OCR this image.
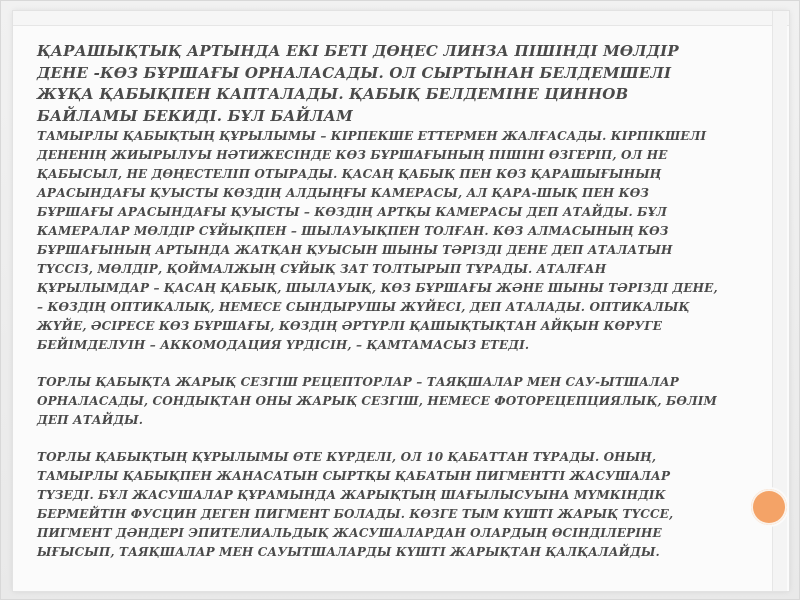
ҚАРАШЫҚТЫҚ АРТЫНДА ЕКІ БЕТІ ДӨҢЕС ЛИНЗА ПІШІНДІ МӨЛДІР ДЕНЕ -КӨЗ БҰРШАҒЫ ОРНАЛАСАДЫ. ОЛ СЫРТЫНАН БЕЛДЕМШЕЛІ ЖҰҚА ҚАБЫҚПЕН КАПТАЛАДЫ. ҚАБЫҚ БЕЛДЕМІНЕ ЦИННОВ БАЙЛАМЫ БЕКИДІ. БҰЛ БАЙЛАМ

ТАМЫРЛЫ ҚАБЫҚТЫҢ ҚҰРЫЛЫМЫ – КІРПЕКШЕ ЕТТЕРМЕН ЖАЛҒАСАДЫ. КІРПІКШЕЛІ ДЕНЕНІҢ ЖИЫРЫЛУЫ НӘТИЖЕСІНДЕ КӨЗ БҰРШАҒЫНЫҢ ПІШІНІ ӨЗГЕРІП, ОЛ НЕ ҚАБЫСЫЛ, НЕ ДӨҢЕСТЕЛІП ОТЫРАДЫ. ҚАСАҢ ҚАБЫҚ ПЕН КӨЗ ҚАРАШЫҒЫНЫҢ АРАСЫНДАҒЫ ҚУЫСТЫ КӨЗДІҢ АЛДЫҢҒЫ КАМЕРАСЫ, АЛ ҚАРА-ШЫҚ ПЕН КӨЗ БҰРШАҒЫ АРАСЫНДАҒЫ ҚУЫСТЫ – КӨЗДІҢ АРТҚЫ КАМЕРАСЫ ДЕП АТАЙДЫ. БҰЛ КАМЕРАЛАР МӨЛДІР СҰЙЫҚПЕН – ШЫЛАУЫҚПЕН ТОЛҒАН. КӨЗ АЛМАСЫНЫҢ КӨЗ БҰРШАҒЫНЫҢ АРТЫНДА ЖАТҚАН ҚУЫСЫН ШЫНЫ ТӘРІЗДІ ДЕНЕ ДЕП АТАЛАТЫН ТҮССІЗ, МӨЛДІР, ҚОЙМАЛЖЫҢ СҰЙЫҚ ЗАТ ТОЛТЫРЫП ТҰРАДЫ. АТАЛҒАН ҚҰРЫЛЫМДАР – ҚАСАҢ ҚАБЫҚ, ШЫЛАУЫҚ, КӨЗ БҰРШАҒЫ ЖӘНЕ ШЫНЫ ТӘРІЗДІ ДЕНЕ, – КӨЗДІҢ ОПТИКАЛЫҚ, НЕМЕСЕ СЫНДЫРУШЫ ЖҮЙЕСІ, ДЕП АТАЛАДЫ. ОПТИКАЛЫҚ ЖҮЙЕ, ӘСІРЕСЕ КӨЗ БҰРШАҒЫ, КӨЗДІҢ ӘРТҮРЛІ ҚАШЫҚТЫҚТАН АЙҚЫН КӨРУГЕ БЕЙІМДЕЛУІН – АККОМОДАЦИЯ ҮРДІСІН, – ҚАМТАМАСЫЗ ЕТЕДІ.

ТОРЛЫ ҚАБЫҚТА ЖАРЫҚ СЕЗГІШ РЕЦЕПТОРЛАР – ТАЯҚШАЛАР МЕН САУ-ЫТШАЛАР ОРНАЛАСАДЫ, СОНДЫҚТАН ОНЫ ЖАРЫҚ СЕЗГІШ, НЕМЕСЕ ФОТОРЕЦЕПЦИЯЛЫҚ, БӨЛІМ ДЕП АТАЙДЫ.

ТОРЛЫ ҚАБЫҚТЫҢ ҚҰРЫЛЫМЫ ӨТЕ КҮРДЕЛІ, ОЛ 10 ҚАБАТТАН ТҰРАДЫ. ОНЫҢ, ТАМЫРЛЫ ҚАБЫҚПЕН ЖАНАСАТЫН СЫРТҚЫ ҚАБАТЫН ПИГМЕНТТІ ЖАСУШАЛАР ТҮЗЕДІ. БҰЛ ЖАСУШАЛАР ҚҰРАМЫНДА ЖАРЫҚТЫҢ ШАҒЫЛЫСУЫНА МҮМКІНДІК БЕРМЕЙТІН ФУСЦИН ДЕГЕН ПИГМЕНТ БОЛАДЫ. КӨЗГЕ ТЫМ КҮШТІ ЖАРЫҚ ТҮССЕ, ПИГМЕНТ ДӘНДЕРІ ЭПИТЕЛИАЛЬДЫҚ ЖАСУШАЛАРДАН ОЛАРДЫҢ ӨСІНДІЛЕРІНЕ ЫҒЫСЫП, ТАЯҚШАЛАР МЕН САУЫТШАЛАРДЫ КҮШТІ ЖАРЫҚТАН ҚАЛҚАЛАЙДЫ.
